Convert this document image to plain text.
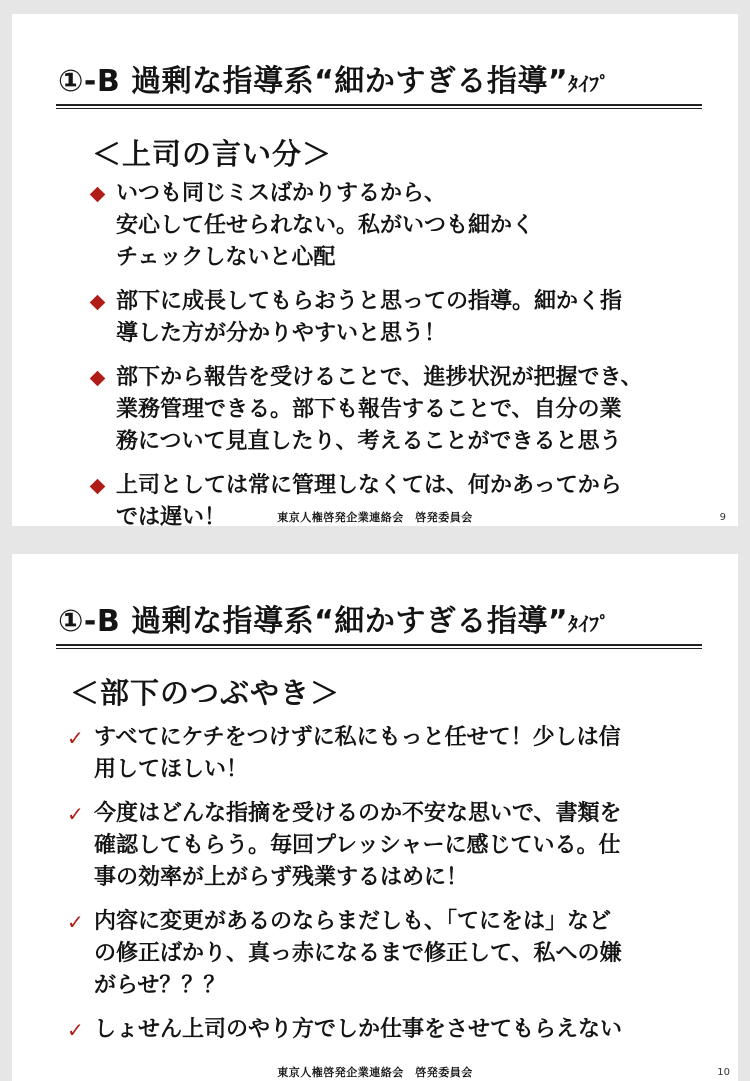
①-B 過剰な指導系“細かすぎる指導”ﾀｲﾌﾟ
＜上司の言い分＞
いつも同じミスばかりするから、
安心して任せられない。私がいつも細かく
チェックしないと心配
部下に成長してもらおうと思っての指導。細かく指
導した方が分かりやすいと思う！
部下から報告を受けることで、進捗状況が把握でき、
業務管理できる。部下も報告することで、自分の業
務について見直したり、考えることができると思う
上司としては常に管理しなくては、何かあってから
では遅い！	東京人権啓発企業連絡会　啓発委員会	9
①-B 過剰な指導系“細かすぎる指導”ﾀｲﾌﾟ
＜部下のつぶやき＞
✓ すべてにケチをつけずに私にもっと任せて！少しは信
用してほしい！
✓ 今度はどんな指摘を受けるのか不安な思いで、書類を
確認してもらう。毎回プレッシャーに感じている。仕
事の効率が上がらず残業するはめに！
✓ 内容に変更があるのならまだしも、「てにをは」など
の修正ばかり、真っ赤になるまで修正して、私への嫌
がらせ？？？
✓ しょせん上司のやり方でしか仕事をさせてもらえない
東京人権啓発企業連絡会　啓発委員会	10
